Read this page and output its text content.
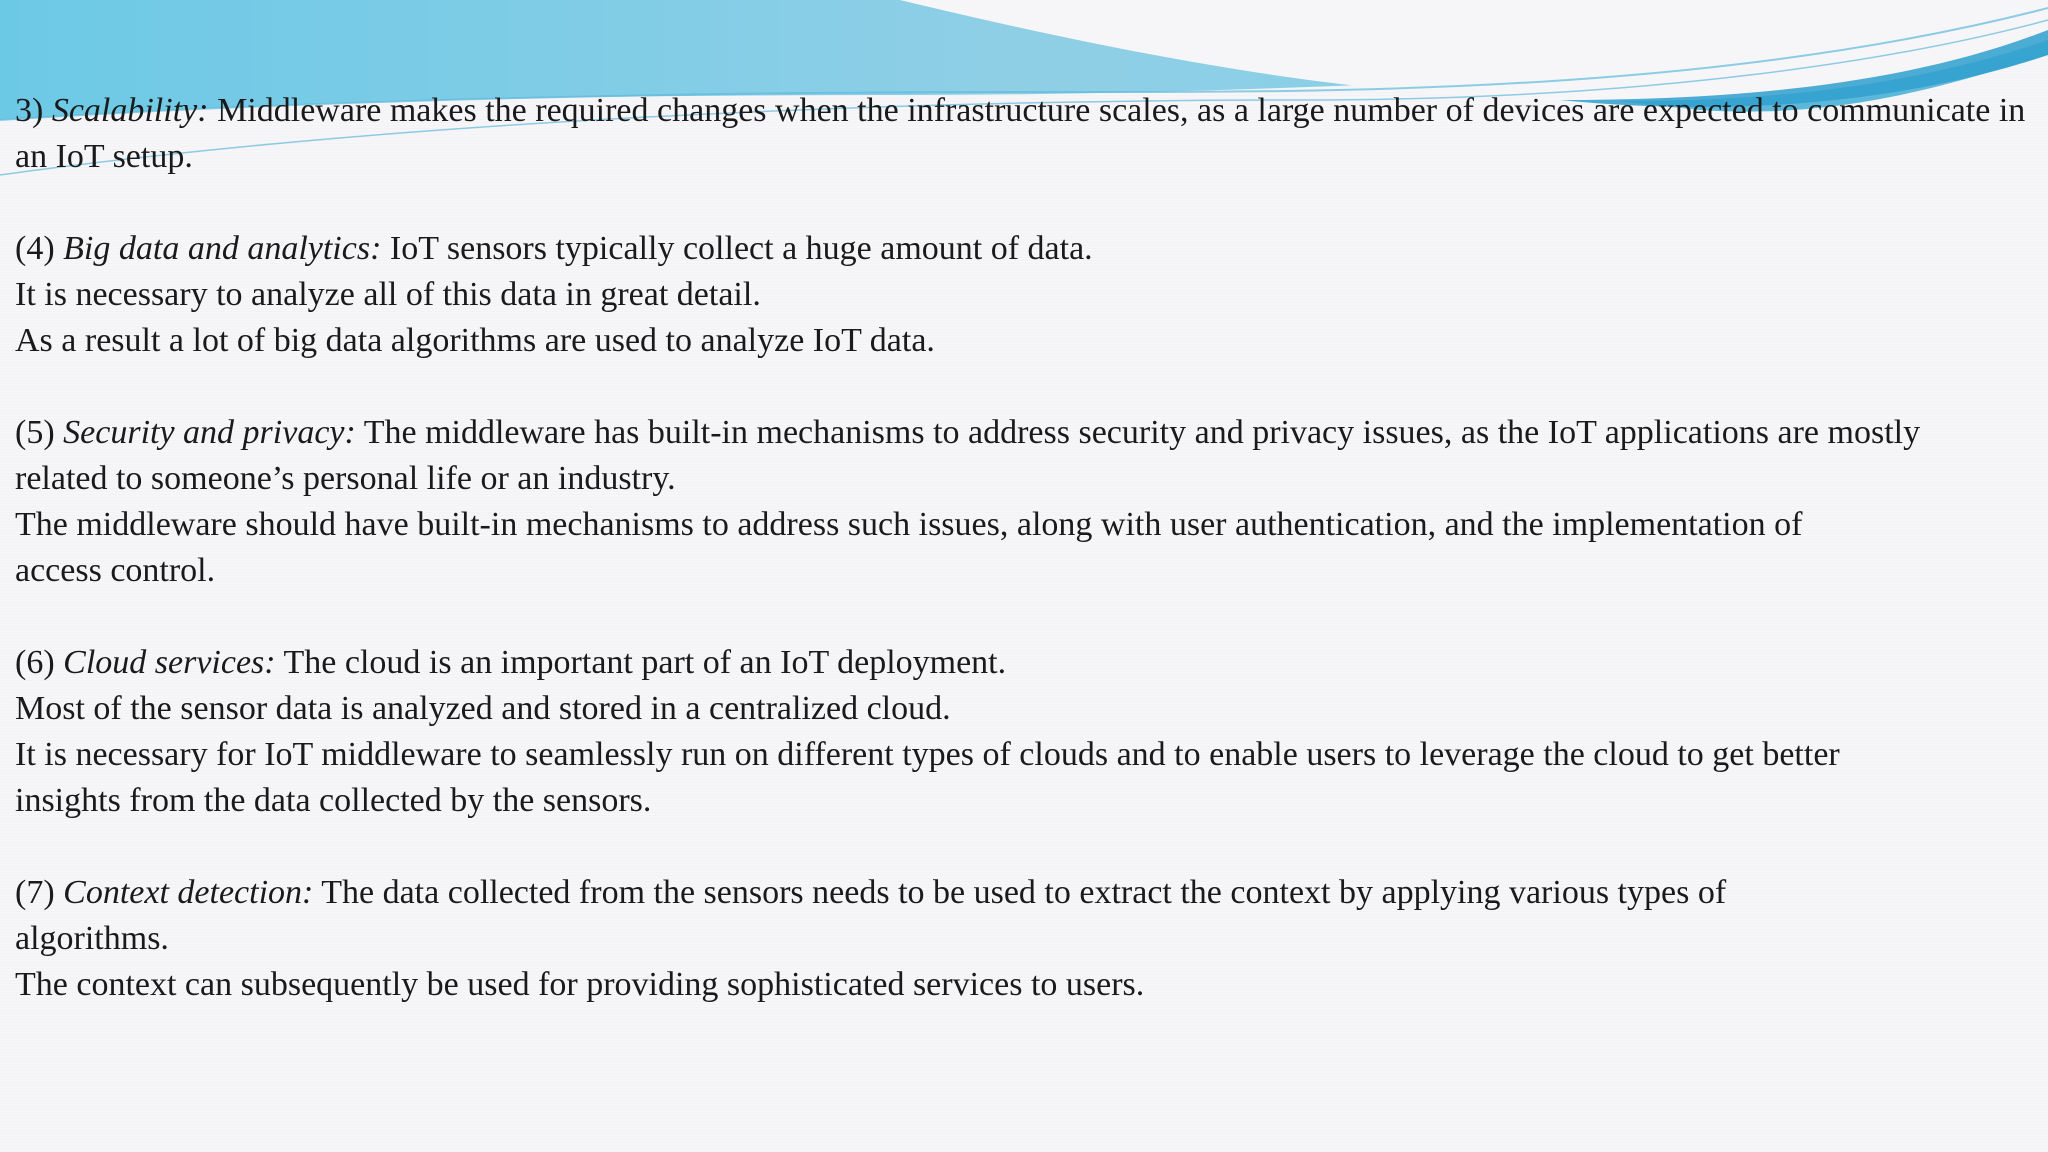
3) Scalability: Middleware makes the required changes when the infrastructure scales, as a large number of devices are expected to communicate in an IoT setup.
(4) Big data and analytics: IoT sensors typically collect a huge amount of data.
It is necessary to analyze all of this data in great detail.
As a result a lot of big data algorithms are used to analyze IoT data.
(5) Security and privacy: The middleware has built-in mechanisms to address security and privacy issues, as the IoT applications are mostly
related to someone’s personal life or an industry.
The middleware should have built-in mechanisms to address such issues, along with user authentication, and the implementation of
access control.
(6) Cloud services: The cloud is an important part of an IoT deployment.
Most of the sensor data is analyzed and stored in a centralized cloud.
It is necessary for IoT middleware to seamlessly run on different types of clouds and to enable users to leverage the cloud to get better
insights from the data collected by the sensors.
(7) Context detection: The data collected from the sensors needs to be used to extract the context by applying various types of
algorithms.
The context can subsequently be used for providing sophisticated services to users.
